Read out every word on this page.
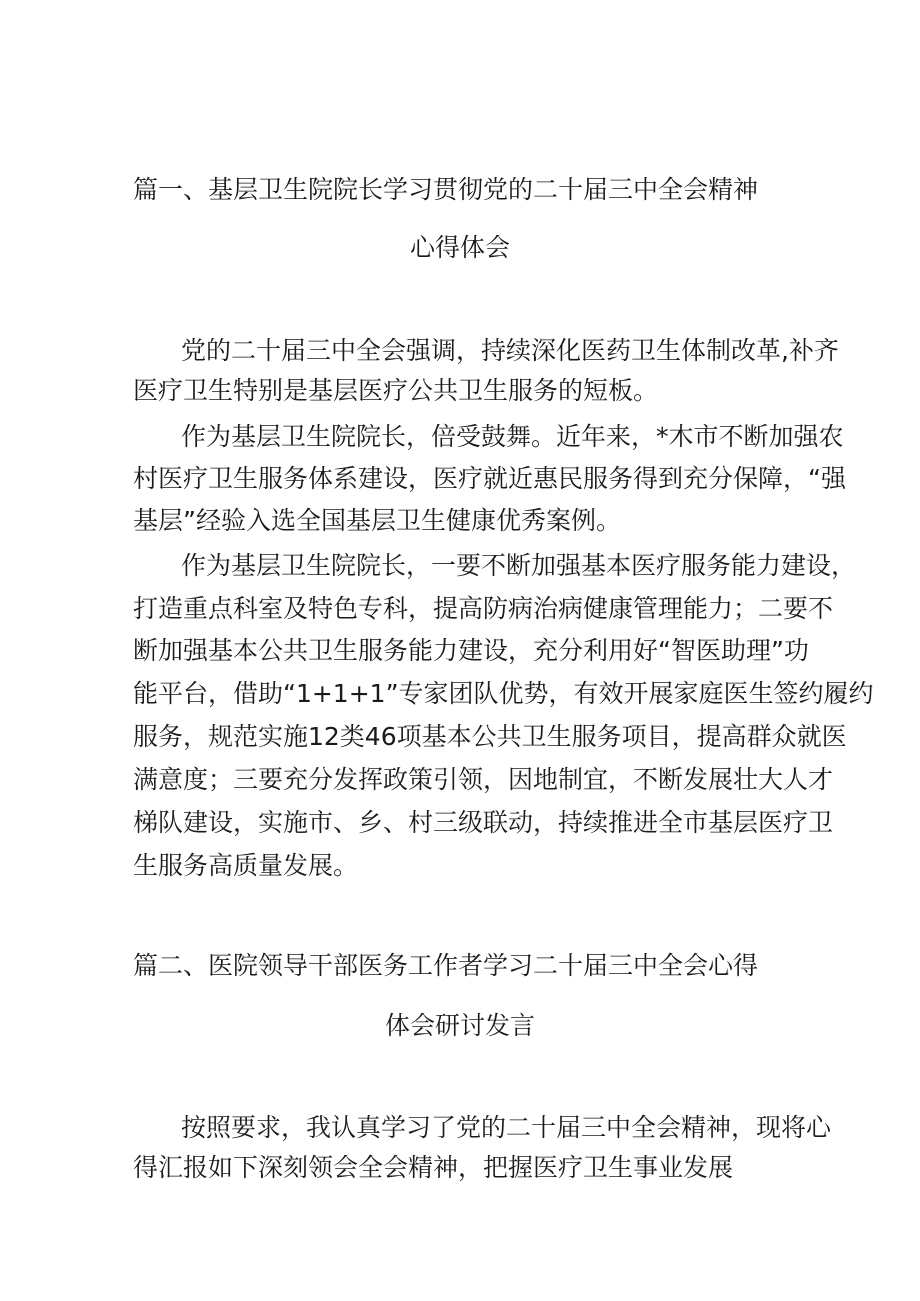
篇一、基层卫生院院长学习贯彻党的二十届三中全会精神
心得体会
党的二十届三中全会强调，持续深化医药卫生体制改革,补齐
医疗卫生特别是基层医疗公共卫生服务的短板。
作为基层卫生院院长，倍受鼓舞。近年来，*木市不断加强农
村医疗卫生服务体系建设，医疗就近惠民服务得到充分保障，“强
基层”经验入选全国基层卫生健康优秀案例。
作为基层卫生院院长，一要不断加强基本医疗服务能力建设，
打造重点科室及特色专科，提高防病治病健康管理能力；二要不
断加强基本公共卫生服务能力建设，充分利用好“智医助理”功
能平台，借助“1+1+1”专家团队优势，有效开展家庭医生签约履约
服务，规范实施12类46项基本公共卫生服务项目，提高群众就医
满意度；三要充分发挥政策引领，因地制宜，不断发展壮大人才
梯队建设，实施市、乡、村三级联动，持续推进全市基层医疗卫
生服务高质量发展。
篇二、医院领导干部医务工作者学习二十届三中全会心得
体会研讨发言
按照要求，我认真学习了党的二十届三中全会精神，现将心
得汇报如下深刻领会全会精神，把握医疗卫生事业发展
